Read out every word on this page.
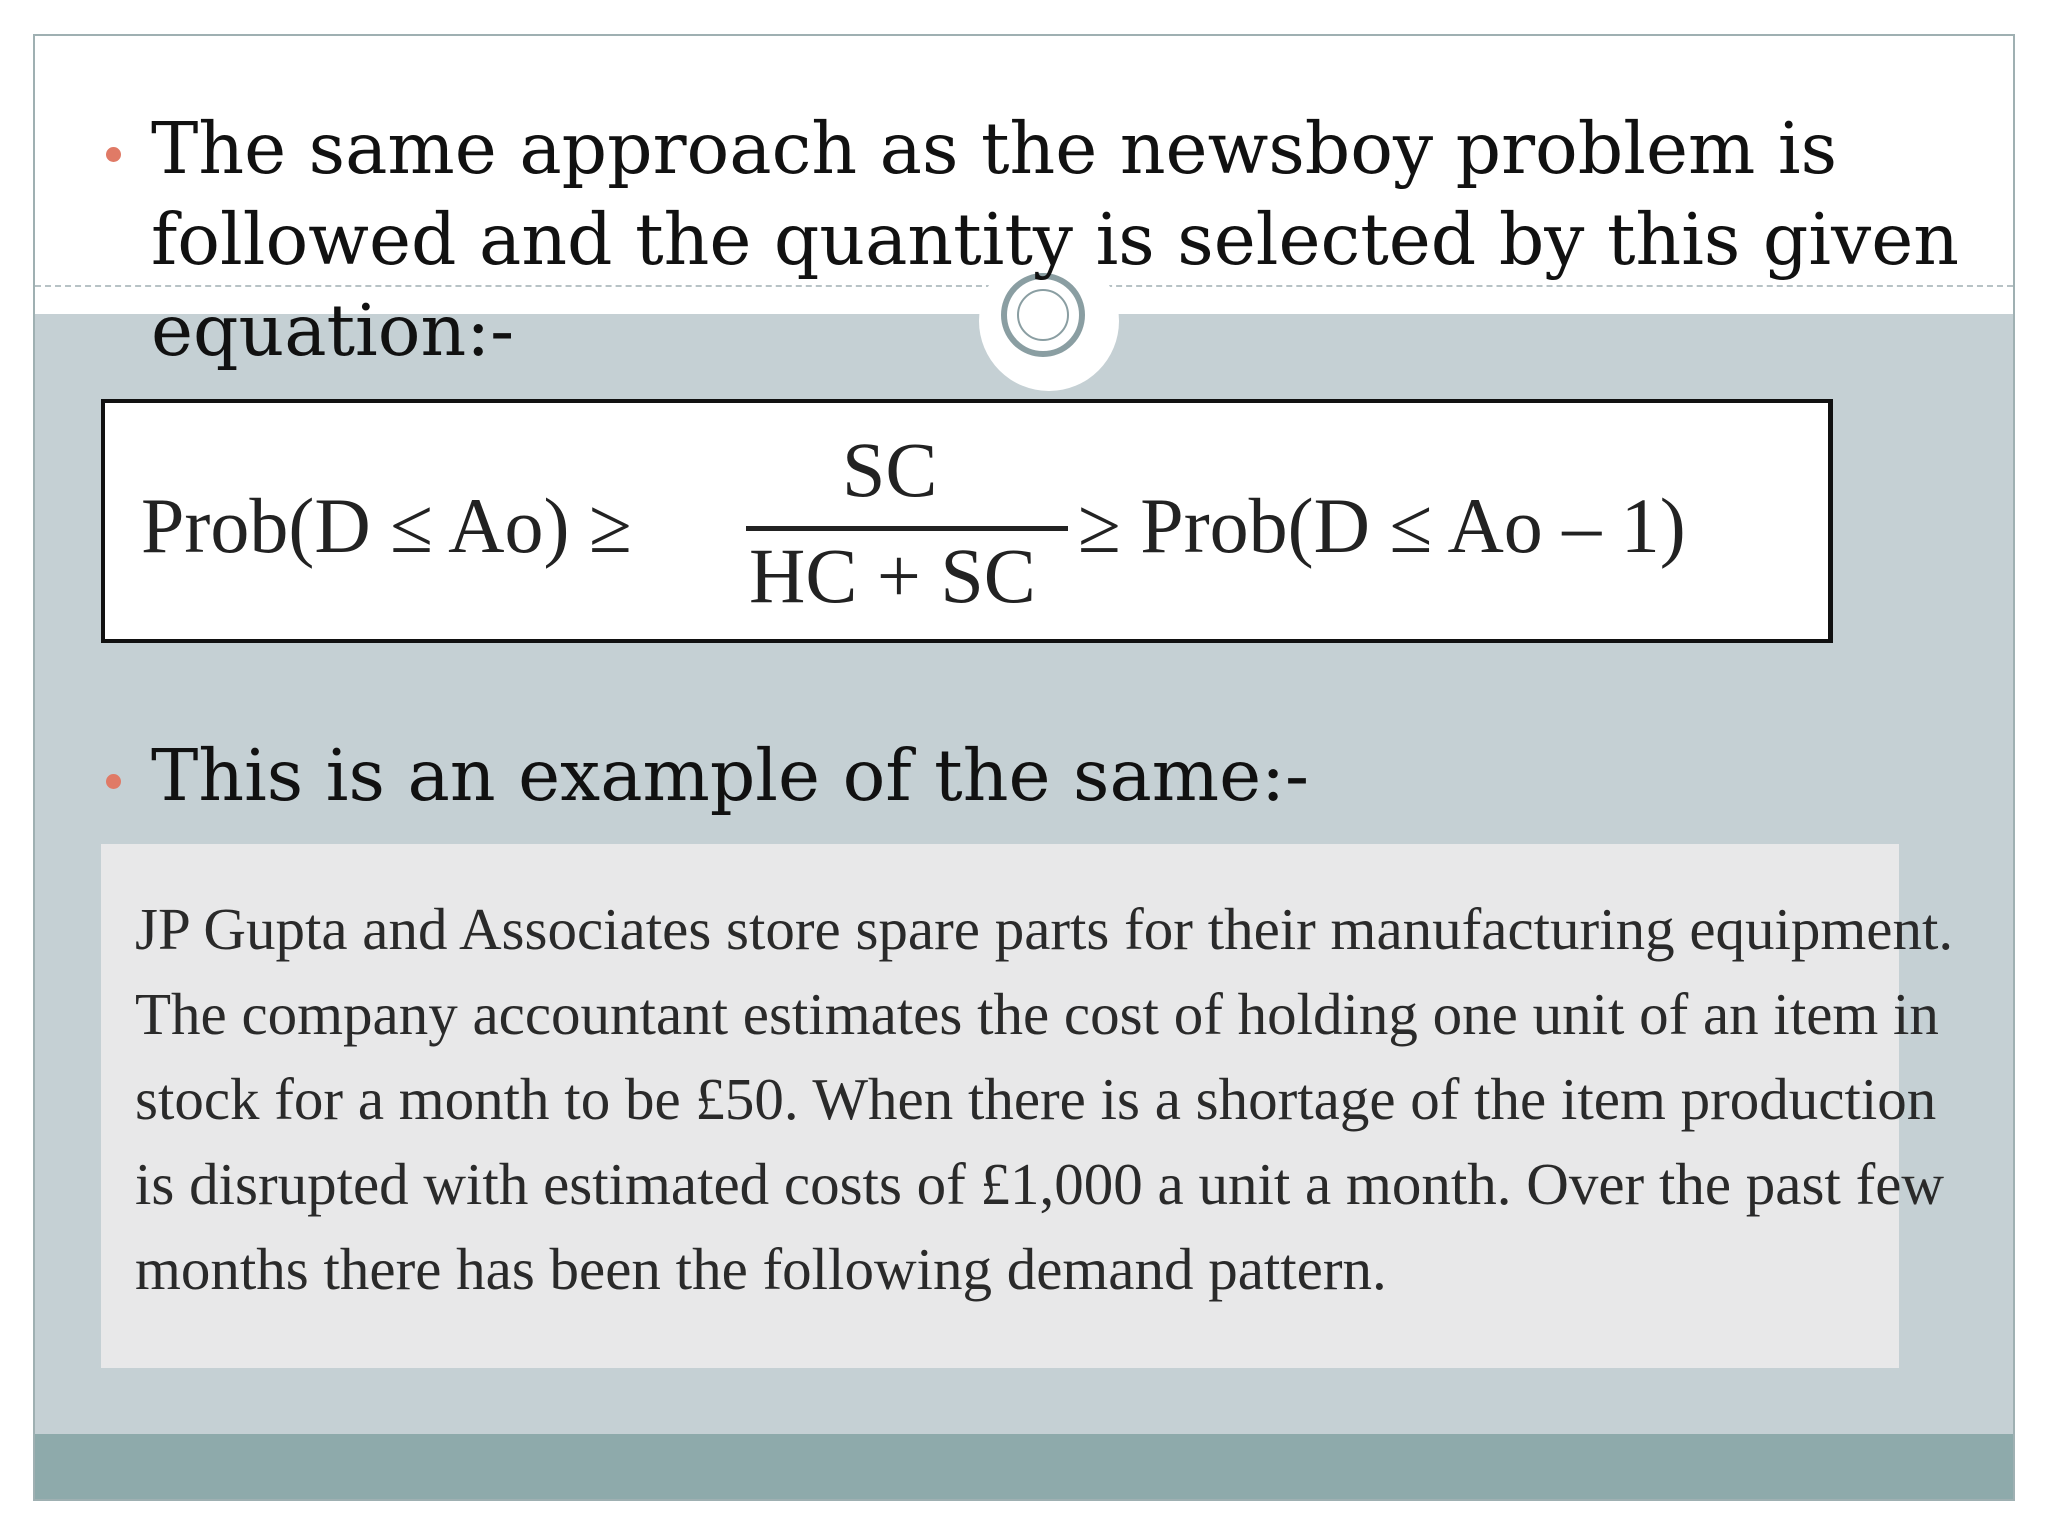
The same approach as the newsboy problem is
followed and the quantity is selected by this given
equation:-
Prob(D ≤ Ao) ≥
SC
HC + SC
≥ Prob(D ≤ Ao – 1)
This is an example of the same:-
JP Gupta and Associates store spare parts for their manufacturing equipment.
The company accountant estimates the cost of holding one unit of an item in
stock for a month to be £50. When there is a shortage of the item production
is disrupted with estimated costs of £1,000 a unit a month. Over the past few
months there has been the following demand pattern.
